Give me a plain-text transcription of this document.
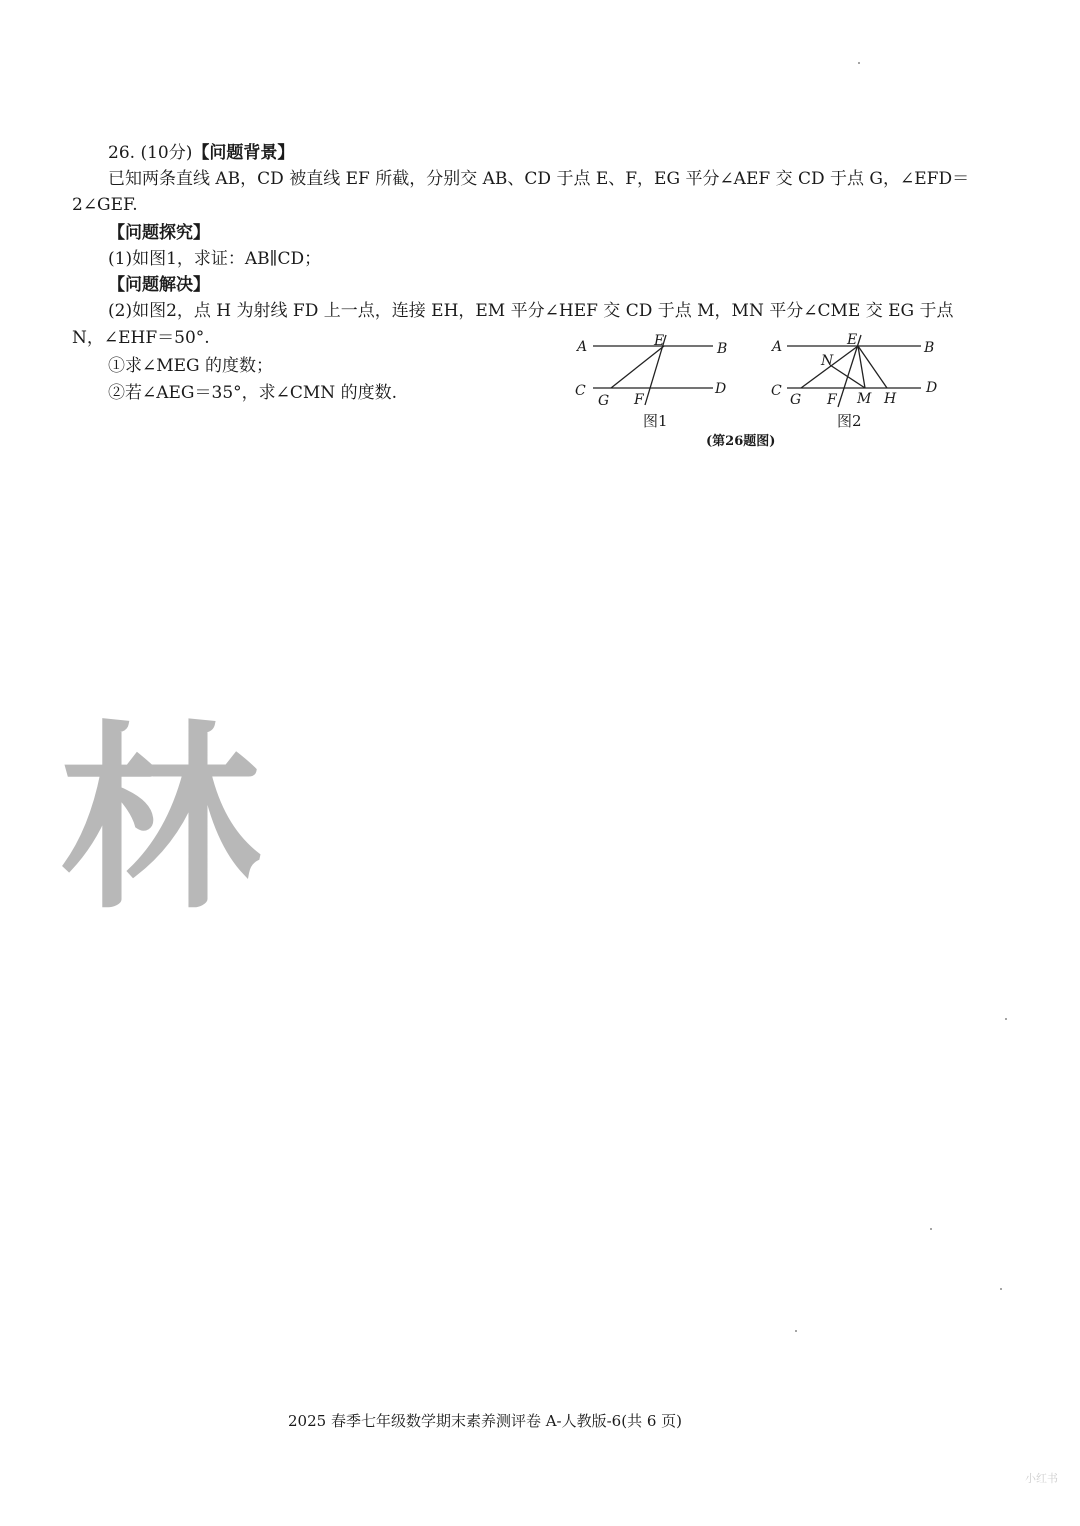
26. (10分)【问题背景】
已知两条直线 AB，CD 被直线 EF 所截，分别交 AB、CD 于点 E、F，EG 平分∠AEF 交 CD 于点 G，∠EFD＝
2∠GEF.
【问题探究】
(1)如图1，求证：AB∥CD；
【问题解决】
(2)如图2，点 H 为射线 FD 上一点，连接 EH，EM 平分∠HEF 交 CD 于点 M，MN 平分∠CME 交 EG 于点
N，∠EHF＝50°.
①求∠MEG 的度数；
②若∠AEG＝35°，求∠CMN 的度数.
A	B
C	D
E
G F
图1
A	B
C	D
E
N
G F M H
图2
(第26题图)
林
2025 春季七年级数学期末素养测评卷 A-人教版-6(共 6 页)
小红书
